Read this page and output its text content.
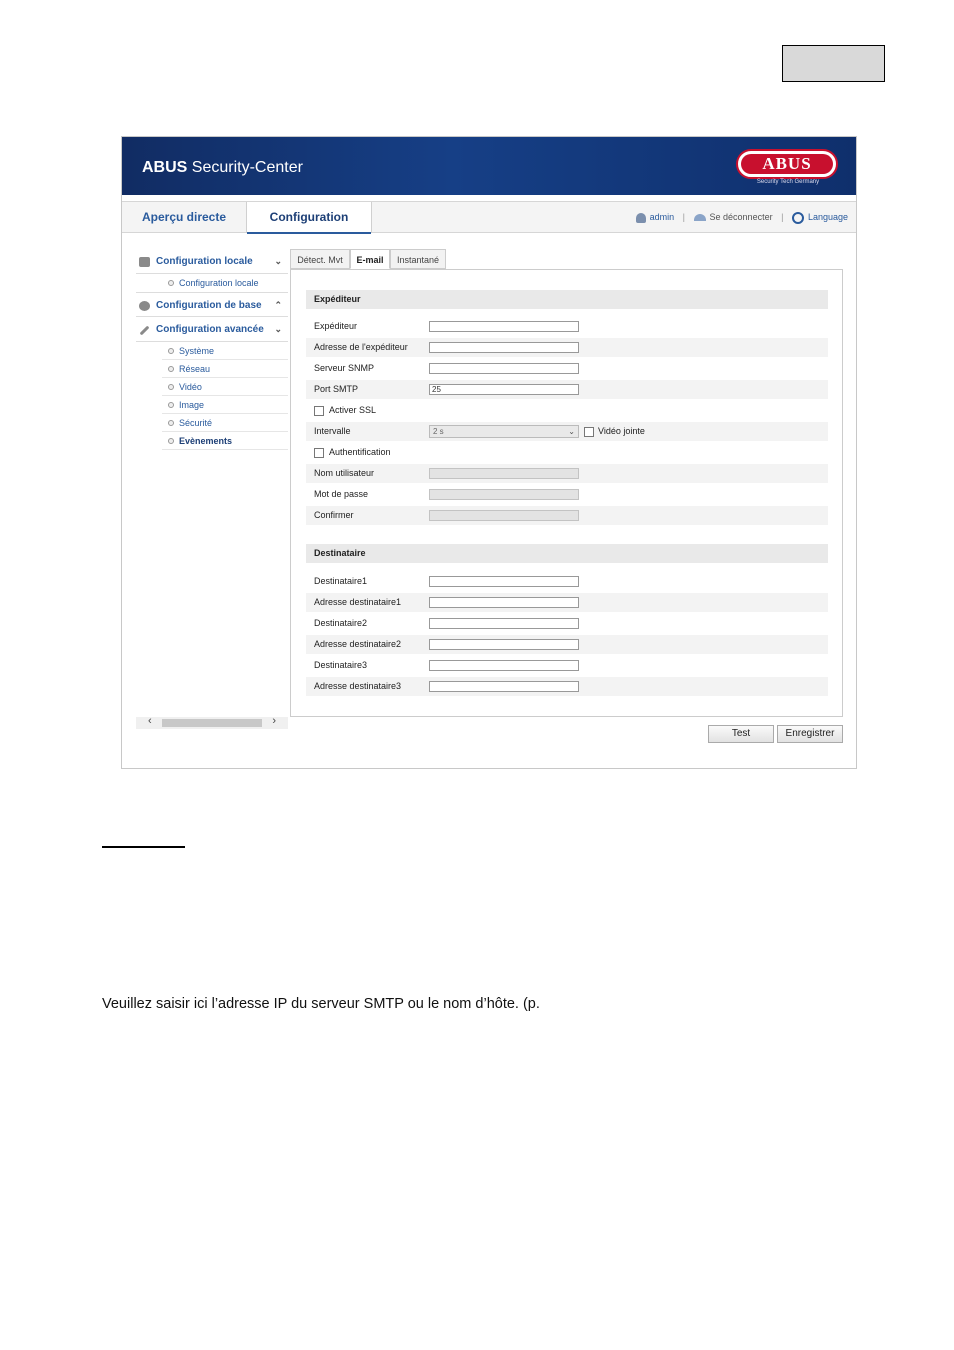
ABUS Security-Center	ABUS
Security Tech Germany
Aperçu directe	Configuration	admin |	Se déconnecter |	Language
Configuration locale ⌄
Configuration locale
Configuration de base ⌃
Configuration avancée ⌄
Système
Réseau
Vidéo
Image
Sécurité
Evènements
‹	›
Détect. Mvt	E-mail	Instantané
Expéditeur
Expéditeur
Adresse de l'expéditeur
Serveur SNMP
Port SMTP	25
Activer SSL
Intervalle	2 s	⌄	Vidéo jointe
Authentification
Nom utilisateur
Mot de passe
Confirmer
Destinataire
Destinataire1
Adresse destinataire1
Destinataire2
Adresse destinataire2
Destinataire3
Adresse destinataire3
Test	Enregistrer
Veuillez saisir ici l’adresse IP du serveur SMTP ou le nom d’hôte. (p.
